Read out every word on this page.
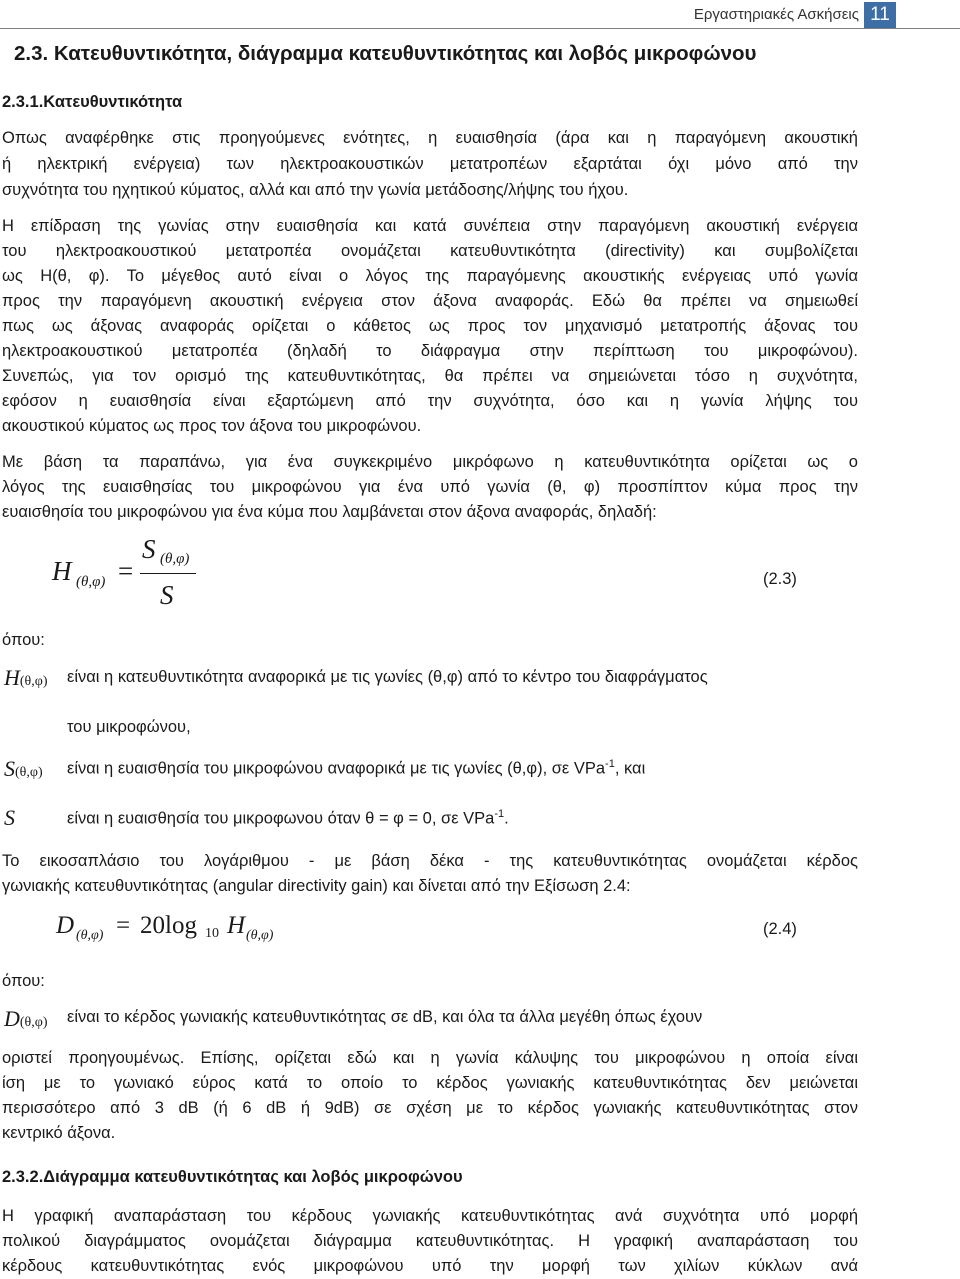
Εργαστηριακές Ασκήσεις 11
2.3. Κατευθυντικότητα, διάγραμμα κατευθυντικότητας και λοβός μικροφώνου
2.3.1.Κατευθυντικότητα
Οπως αναφέρθηκε στις προηγούμενες ενότητες, η ευαισθησία (άρα και η παραγόμενη ακουστική
ή ηλεκτρική ενέργεια) των ηλεκτροακουστικών μετατροπέων εξαρτάται όχι μόνο από την
συχνότητα του ηχητικού κύματος, αλλά και από την γωνία μετάδοσης/λήψης του ήχου.
Η επίδραση της γωνίας στην ευαισθησία και κατά συνέπεια στην παραγόμενη ακουστική ενέργεια
του ηλεκτροακουστικού μετατροπέα ονομάζεται κατευθυντικότητα (directivity) και συμβολίζεται
ως Η(θ, φ). Το μέγεθος αυτό είναι ο λόγος της παραγόμενης ακουστικής ενέργειας υπό γωνία
προς την παραγόμενη ακουστική ενέργεια στον άξονα αναφοράς. Εδώ θα πρέπει να σημειωθεί
πως ως άξονας αναφοράς ορίζεται ο κάθετος ως προς τον μηχανισμό μετατροπής άξονας του
ηλεκτροακουστικού μετατροπέα (δηλαδή το διάφραγμα στην περίπτωση του μικροφώνου).
Συνεπώς, για τον ορισμό της κατευθυντικότητας, θα πρέπει να σημειώνεται τόσο η συχνότητα,
εφόσον η ευαισθησία είναι εξαρτώμενη από την συχνότητα, όσο και η γωνία λήψης του
ακουστικού κύματος ως προς τον άξονα του μικροφώνου.
Με βάση τα παραπάνω, για ένα συγκεκριμένο μικρόφωνο η κατευθυντικότητα ορίζεται ως ο
λόγος της ευαισθησίας του μικροφώνου για ένα υπό γωνία (θ, φ) προσπίπτον κύμα προς την
ευαισθησία του μικροφώνου για ένα κύμα που λαμβάνεται στον άξονα αναφοράς, δηλαδή:
H (θ,φ) =
S (θ,φ)
S
(2.3)
όπου:
H(θ,φ) είναι η κατευθυντικότητα αναφορικά με τις γωνίες (θ,φ) από το κέντρο του διαφράγματος
του μικροφώνου,
S(θ,φ) είναι η ευαισθησία του μικροφώνου αναφορικά με τις γωνίες (θ,φ), σε VPa$^{-1}$, και
S	είναι η ευαισθησία του μικροφωνου όταν θ = φ = 0, σε VPa$^{-1}$.
Το εικοσαπλάσιο του λογάριθμου - με βάση δέκα - της κατευθυντικότητας ονομάζεται κέρδος
γωνιακής κατευθυντικότητας (angular directivity gain) και δίνεται από την Εξίσωση 2.4:
D (θ,φ) = 20log 10 H (θ,φ)	(2.4)
όπου:
D(θ,φ) είναι το κέρδος γωνιακής κατευθυντικότητας σε dB, και όλα τα άλλα μεγέθη όπως έχουν
οριστεί προηγουμένως. Επίσης, ορίζεται εδώ και η γωνία κάλυψης του μικροφώνου η οποία είναι
ίση με το γωνιακό εύρος κατά το οποίο το κέρδος γωνιακής κατευθυντικότητας δεν μειώνεται
περισσότερο από 3 dB (ή 6 dB ή 9dB) σε σχέση με το κέρδος γωνιακής κατευθυντικότητας στον
κεντρικό άξονα.
2.3.2.Διάγραμμα κατευθυντικότητας και λοβός μικροφώνου
Η γραφική αναπαράσταση του κέρδους γωνιακής κατευθυντικότητας ανά συχνότητα υπό μορφή
πολικού διαγράμματος ονομάζεται διάγραμμα κατευθυντικότητας. Η γραφική αναπαράσταση του
κέρδους κατευθυντικότητας ενός μικροφώνου υπό την μορφή των χιλίων κύκλων ανά
